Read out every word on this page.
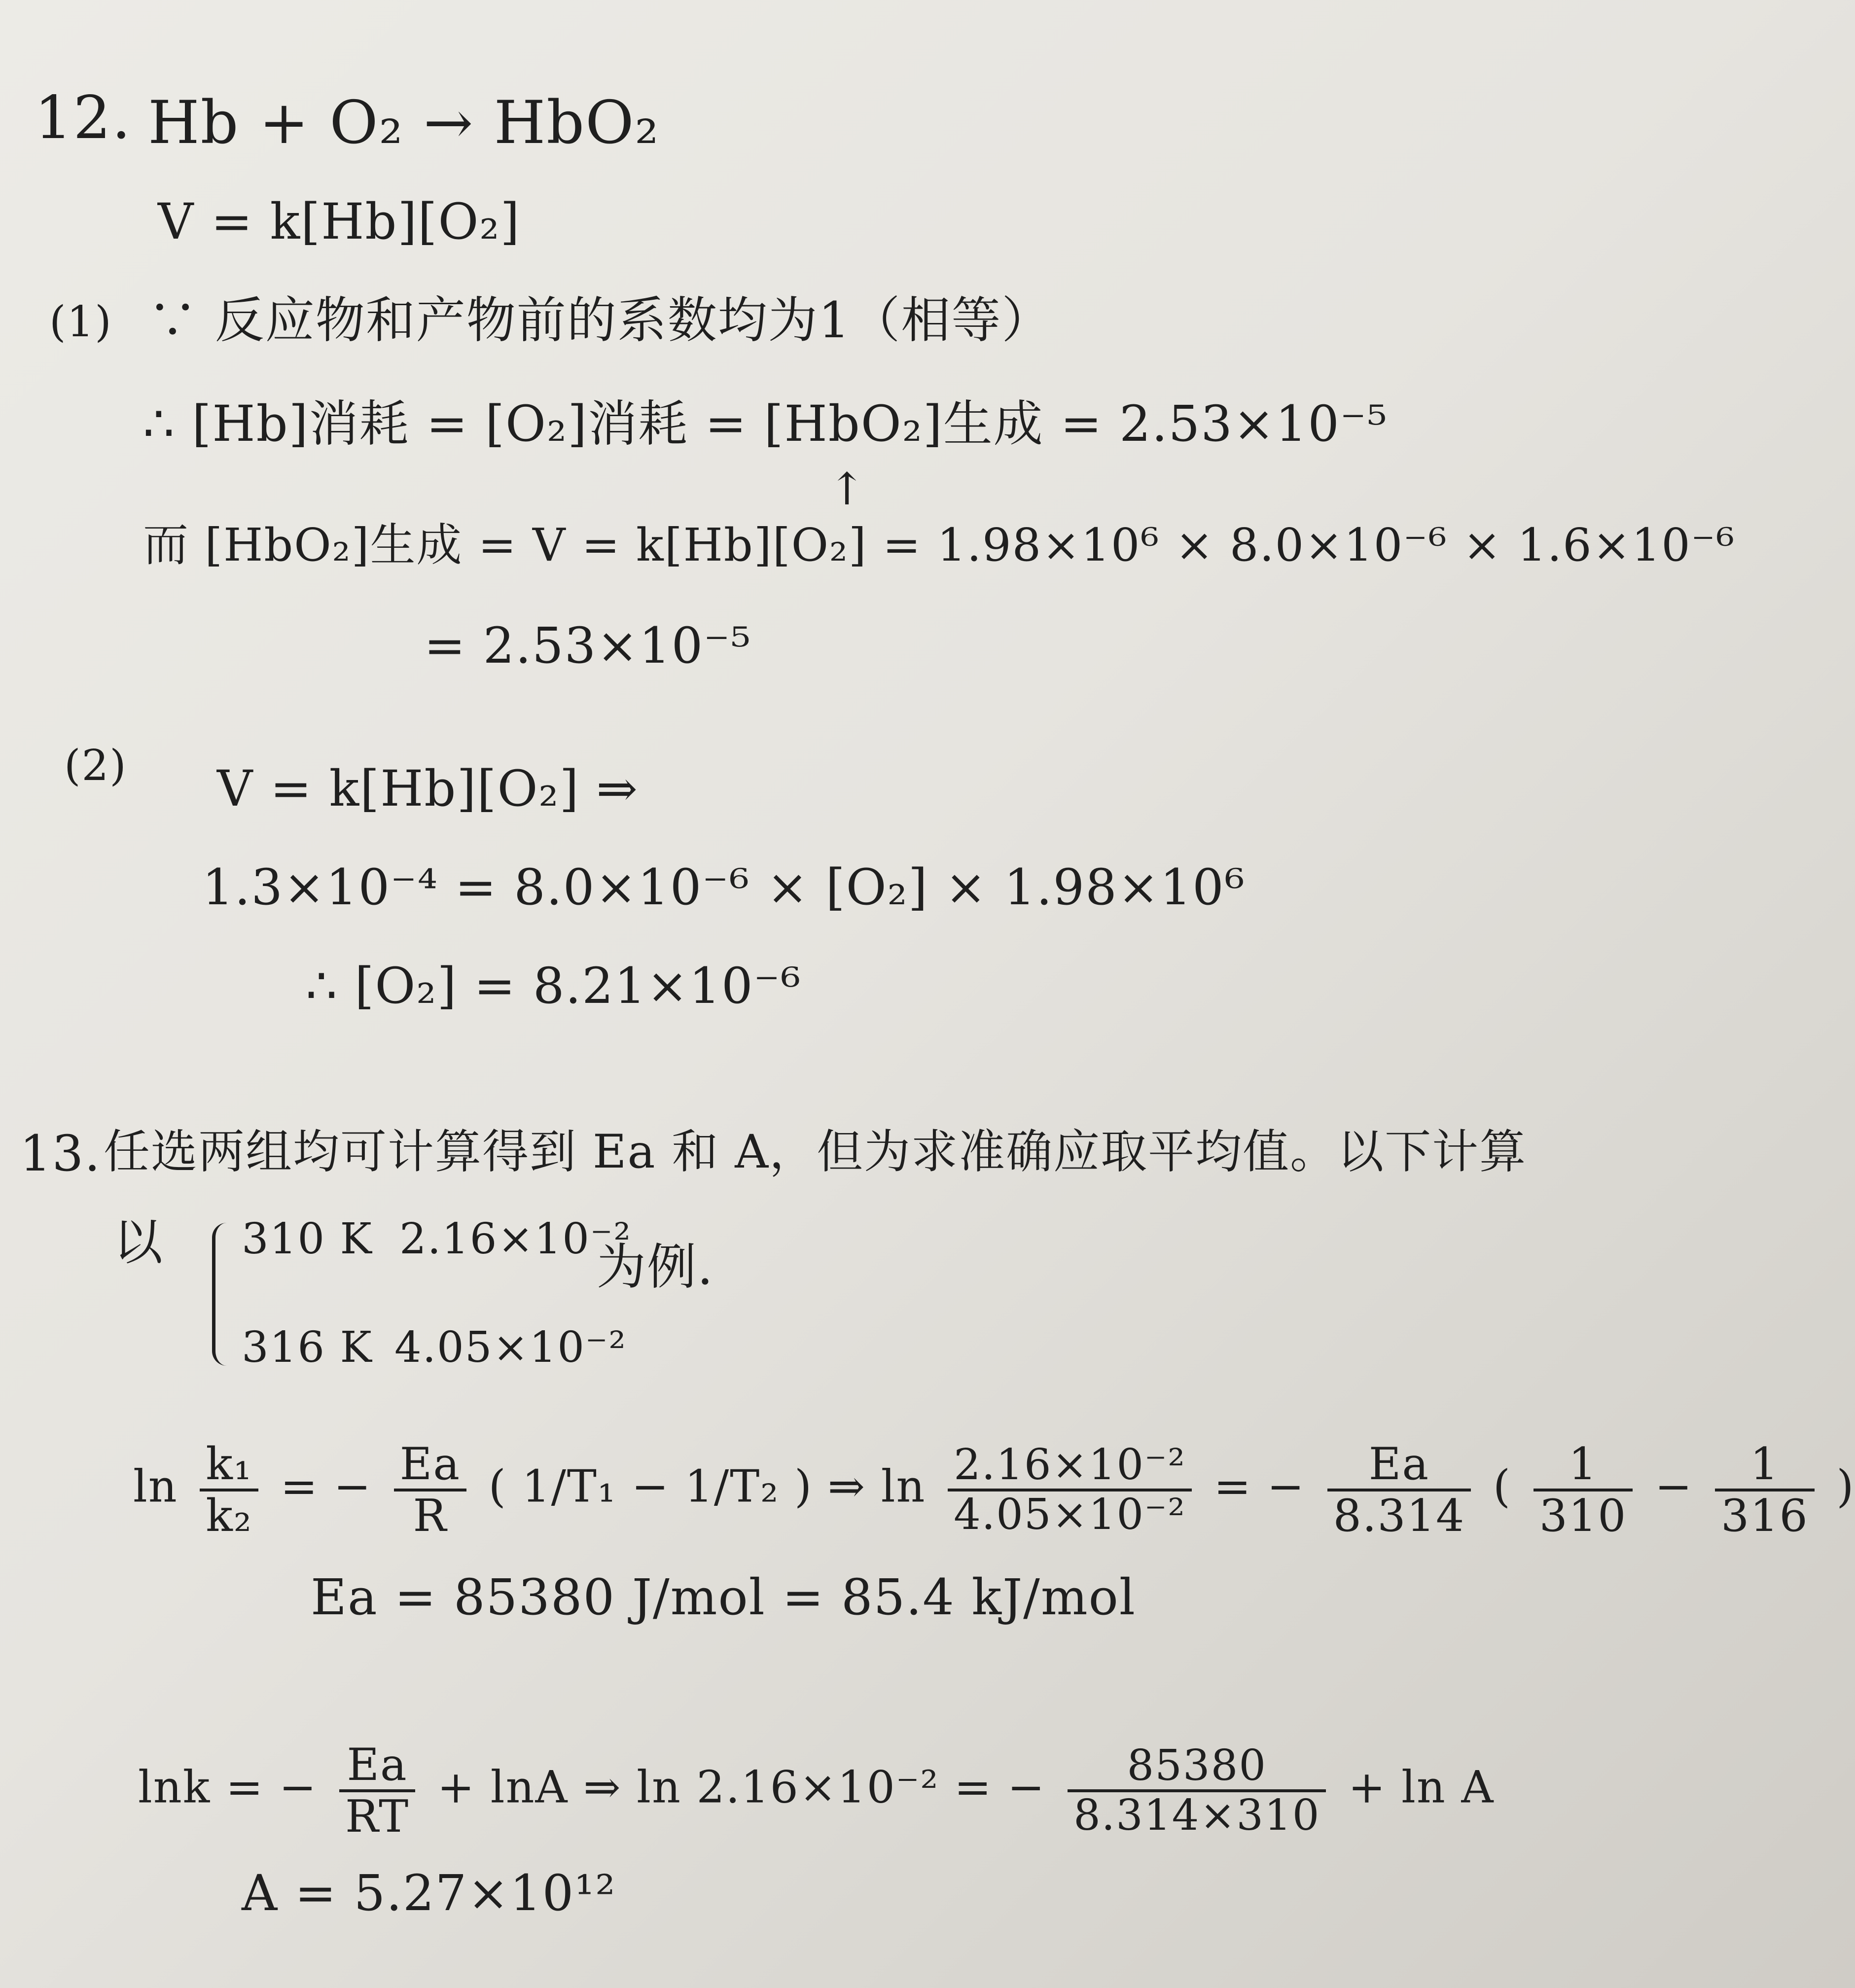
12. Hb + O₂ → HbO₂
V = k[Hb][O₂]
(1) ∵ 反应物和产物前的系数均为1（相等）
∴ [Hb]消耗 = [O₂]消耗 = [HbO₂]生成 = 2.53×10⁻⁵
↑
而 [HbO₂]生成 = V = k[Hb][O₂] = 1.98×10⁶ × 8.0×10⁻⁶ × 1.6×10⁻⁶
= 2.53×10⁻⁵
(2) V = k[Hb][O₂] ⇒
1.3×10⁻⁴ = 8.0×10⁻⁶ × [O₂] × 1.98×10⁶
∴ [O₂] = 8.21×10⁻⁶
13. 任选两组均可计算得到 Ea 和 A，但为求准确应取平均值。以下计算
以 310 K 2.16×10⁻²
316 K 4.05×10⁻²
为例.
$\ln \frac{\text{k₁}}{\text{k₂}}$ = − $\frac{Ea}{R}$ ( 1/T₁ − 1/T₂ ) ⇒ $\ln \frac{\text{2.16×10⁻²}}{\text{4.05×10⁻²}}$ = − $\frac{Ea}{8.314}$ ( $\frac{1}{310} - \frac{1}{316}$ )
Ea = 85380 J/mol = 85.4 kJ/mol
lnk = − $\frac{Ea}{RT} + \ln A$ ⇒ ln 2.16×10⁻² = − $\frac{85380}{8.314\times 310} + \ln A$
A = 5.27×10¹²
